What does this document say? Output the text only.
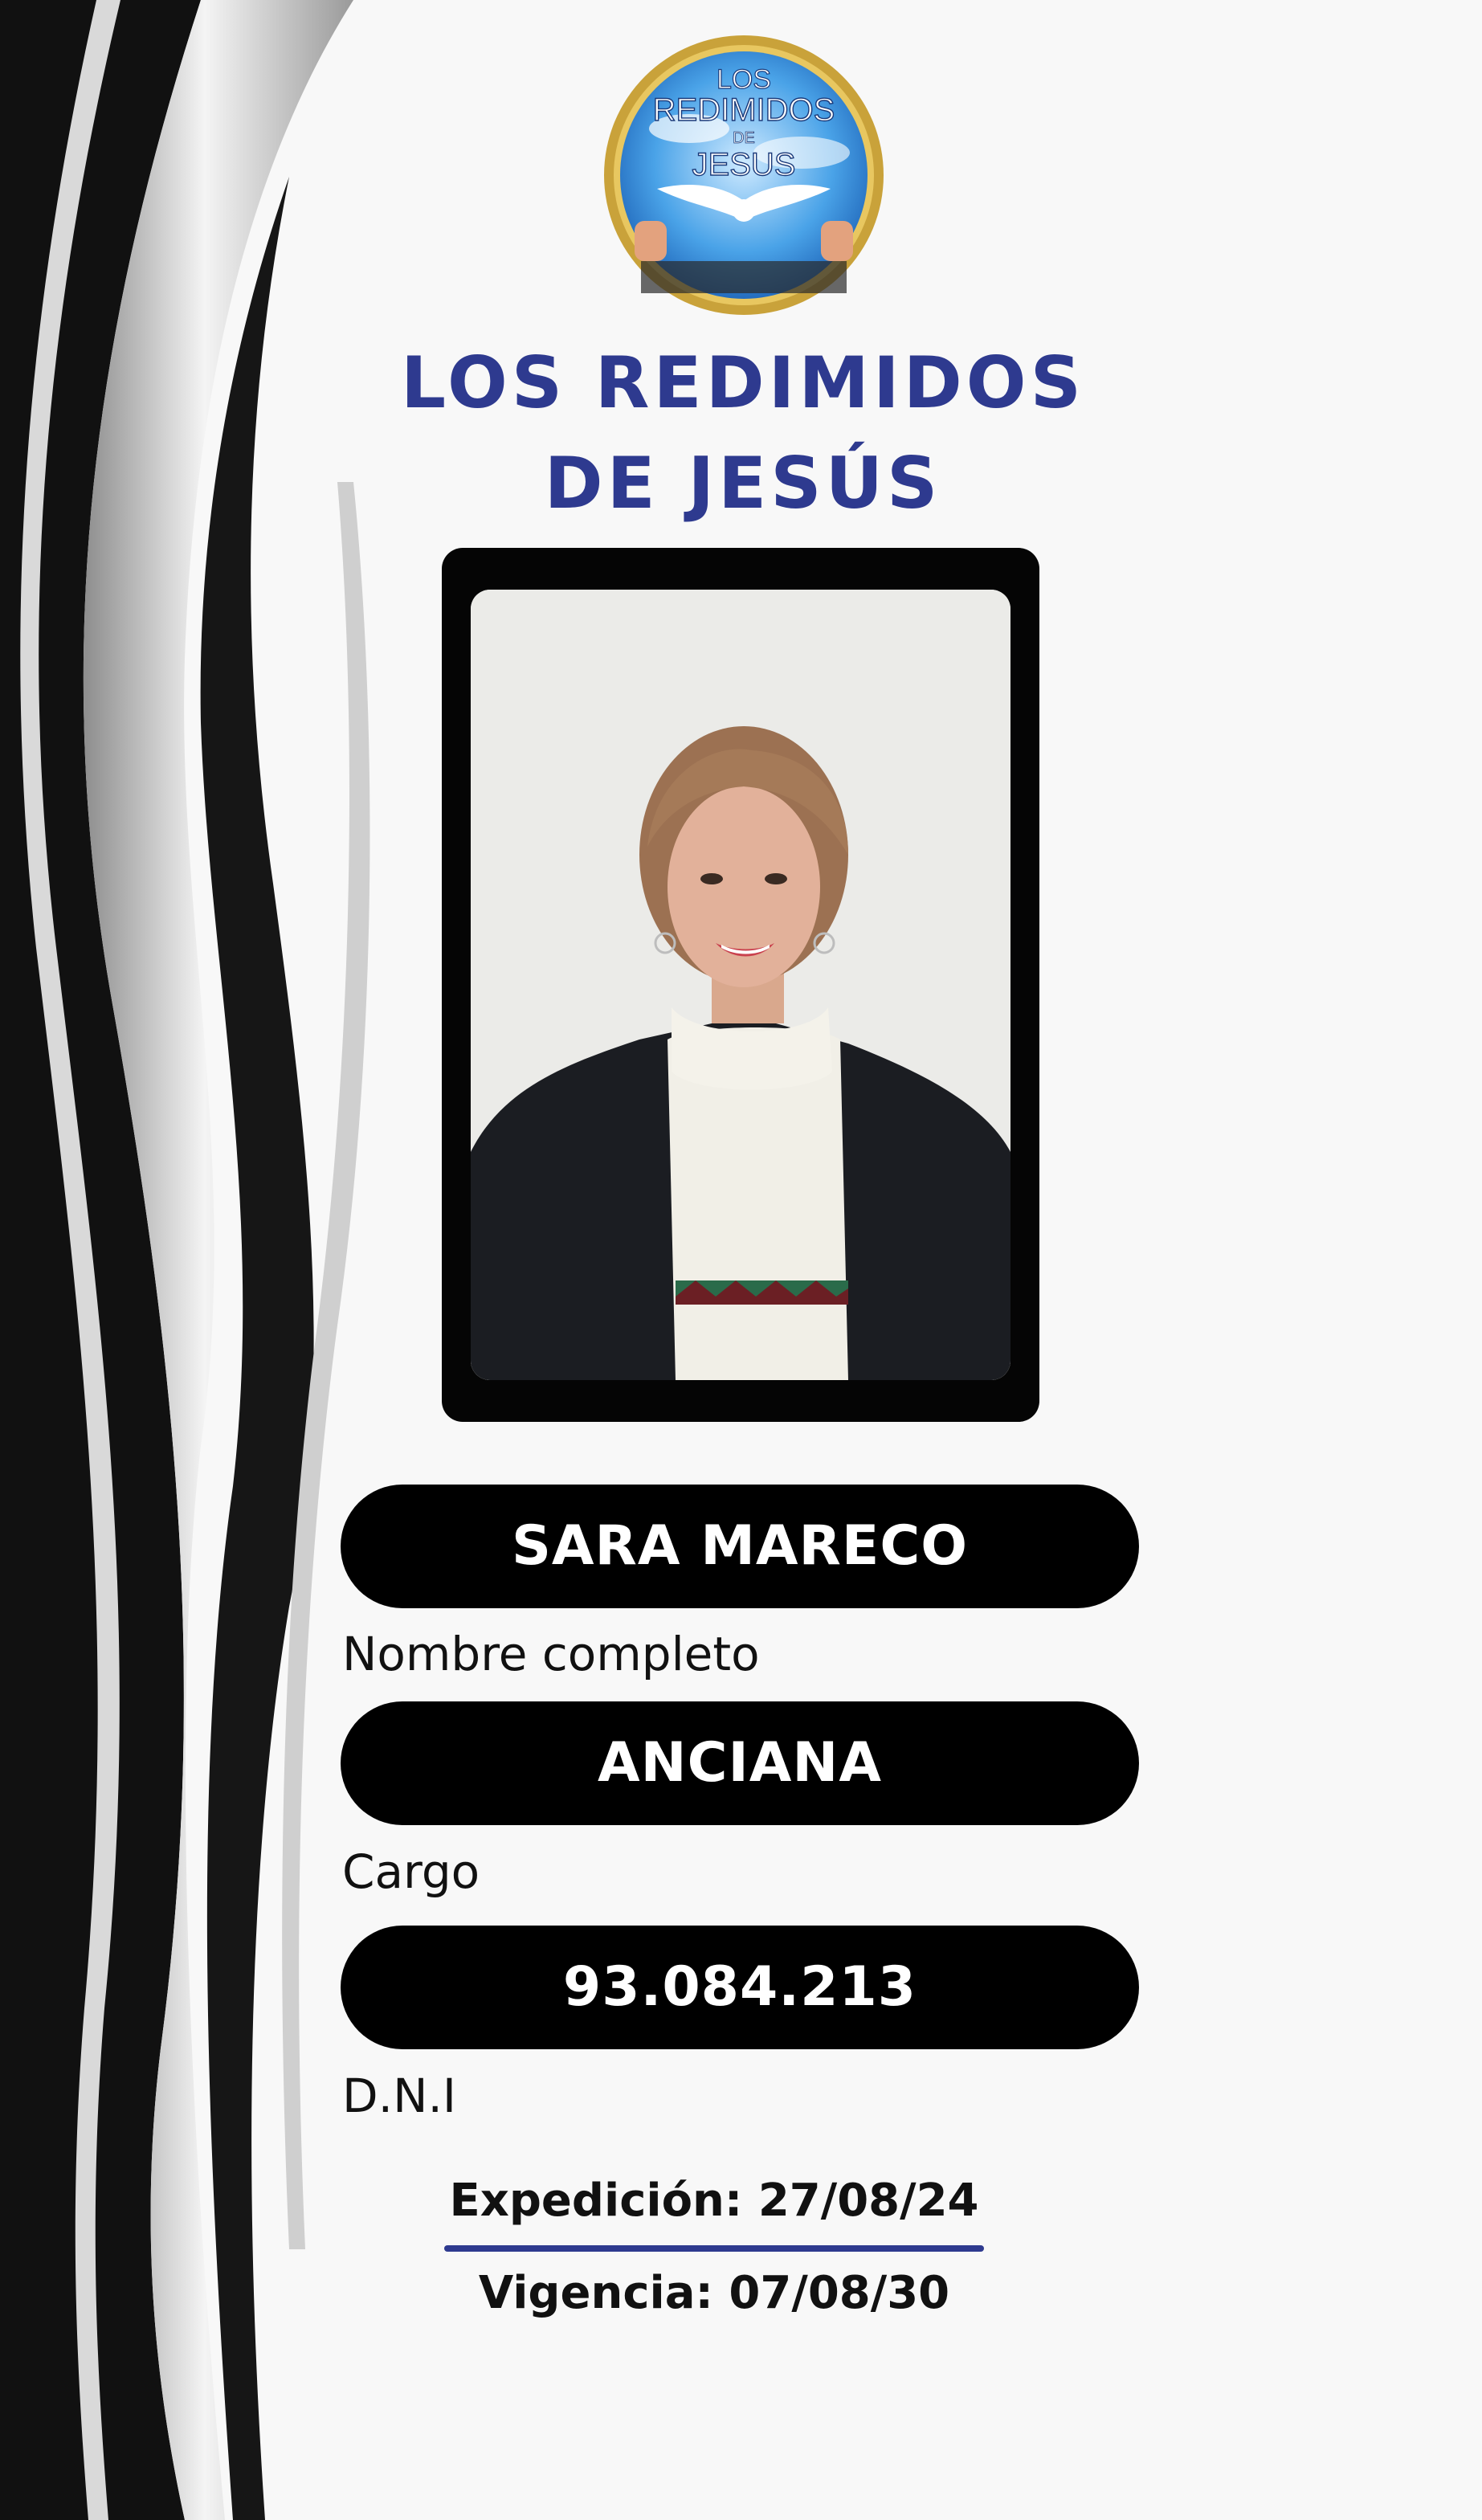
LOS
REDIMIDOS
DE
JESUS
LOS REDIMIDOS
DE JESÚS
SARA MARECO
Nombre completo
ANCIANA
Cargo
93.084.213
D.N.I
Expedición: 27/08/24
Vigencia: 07/08/30
